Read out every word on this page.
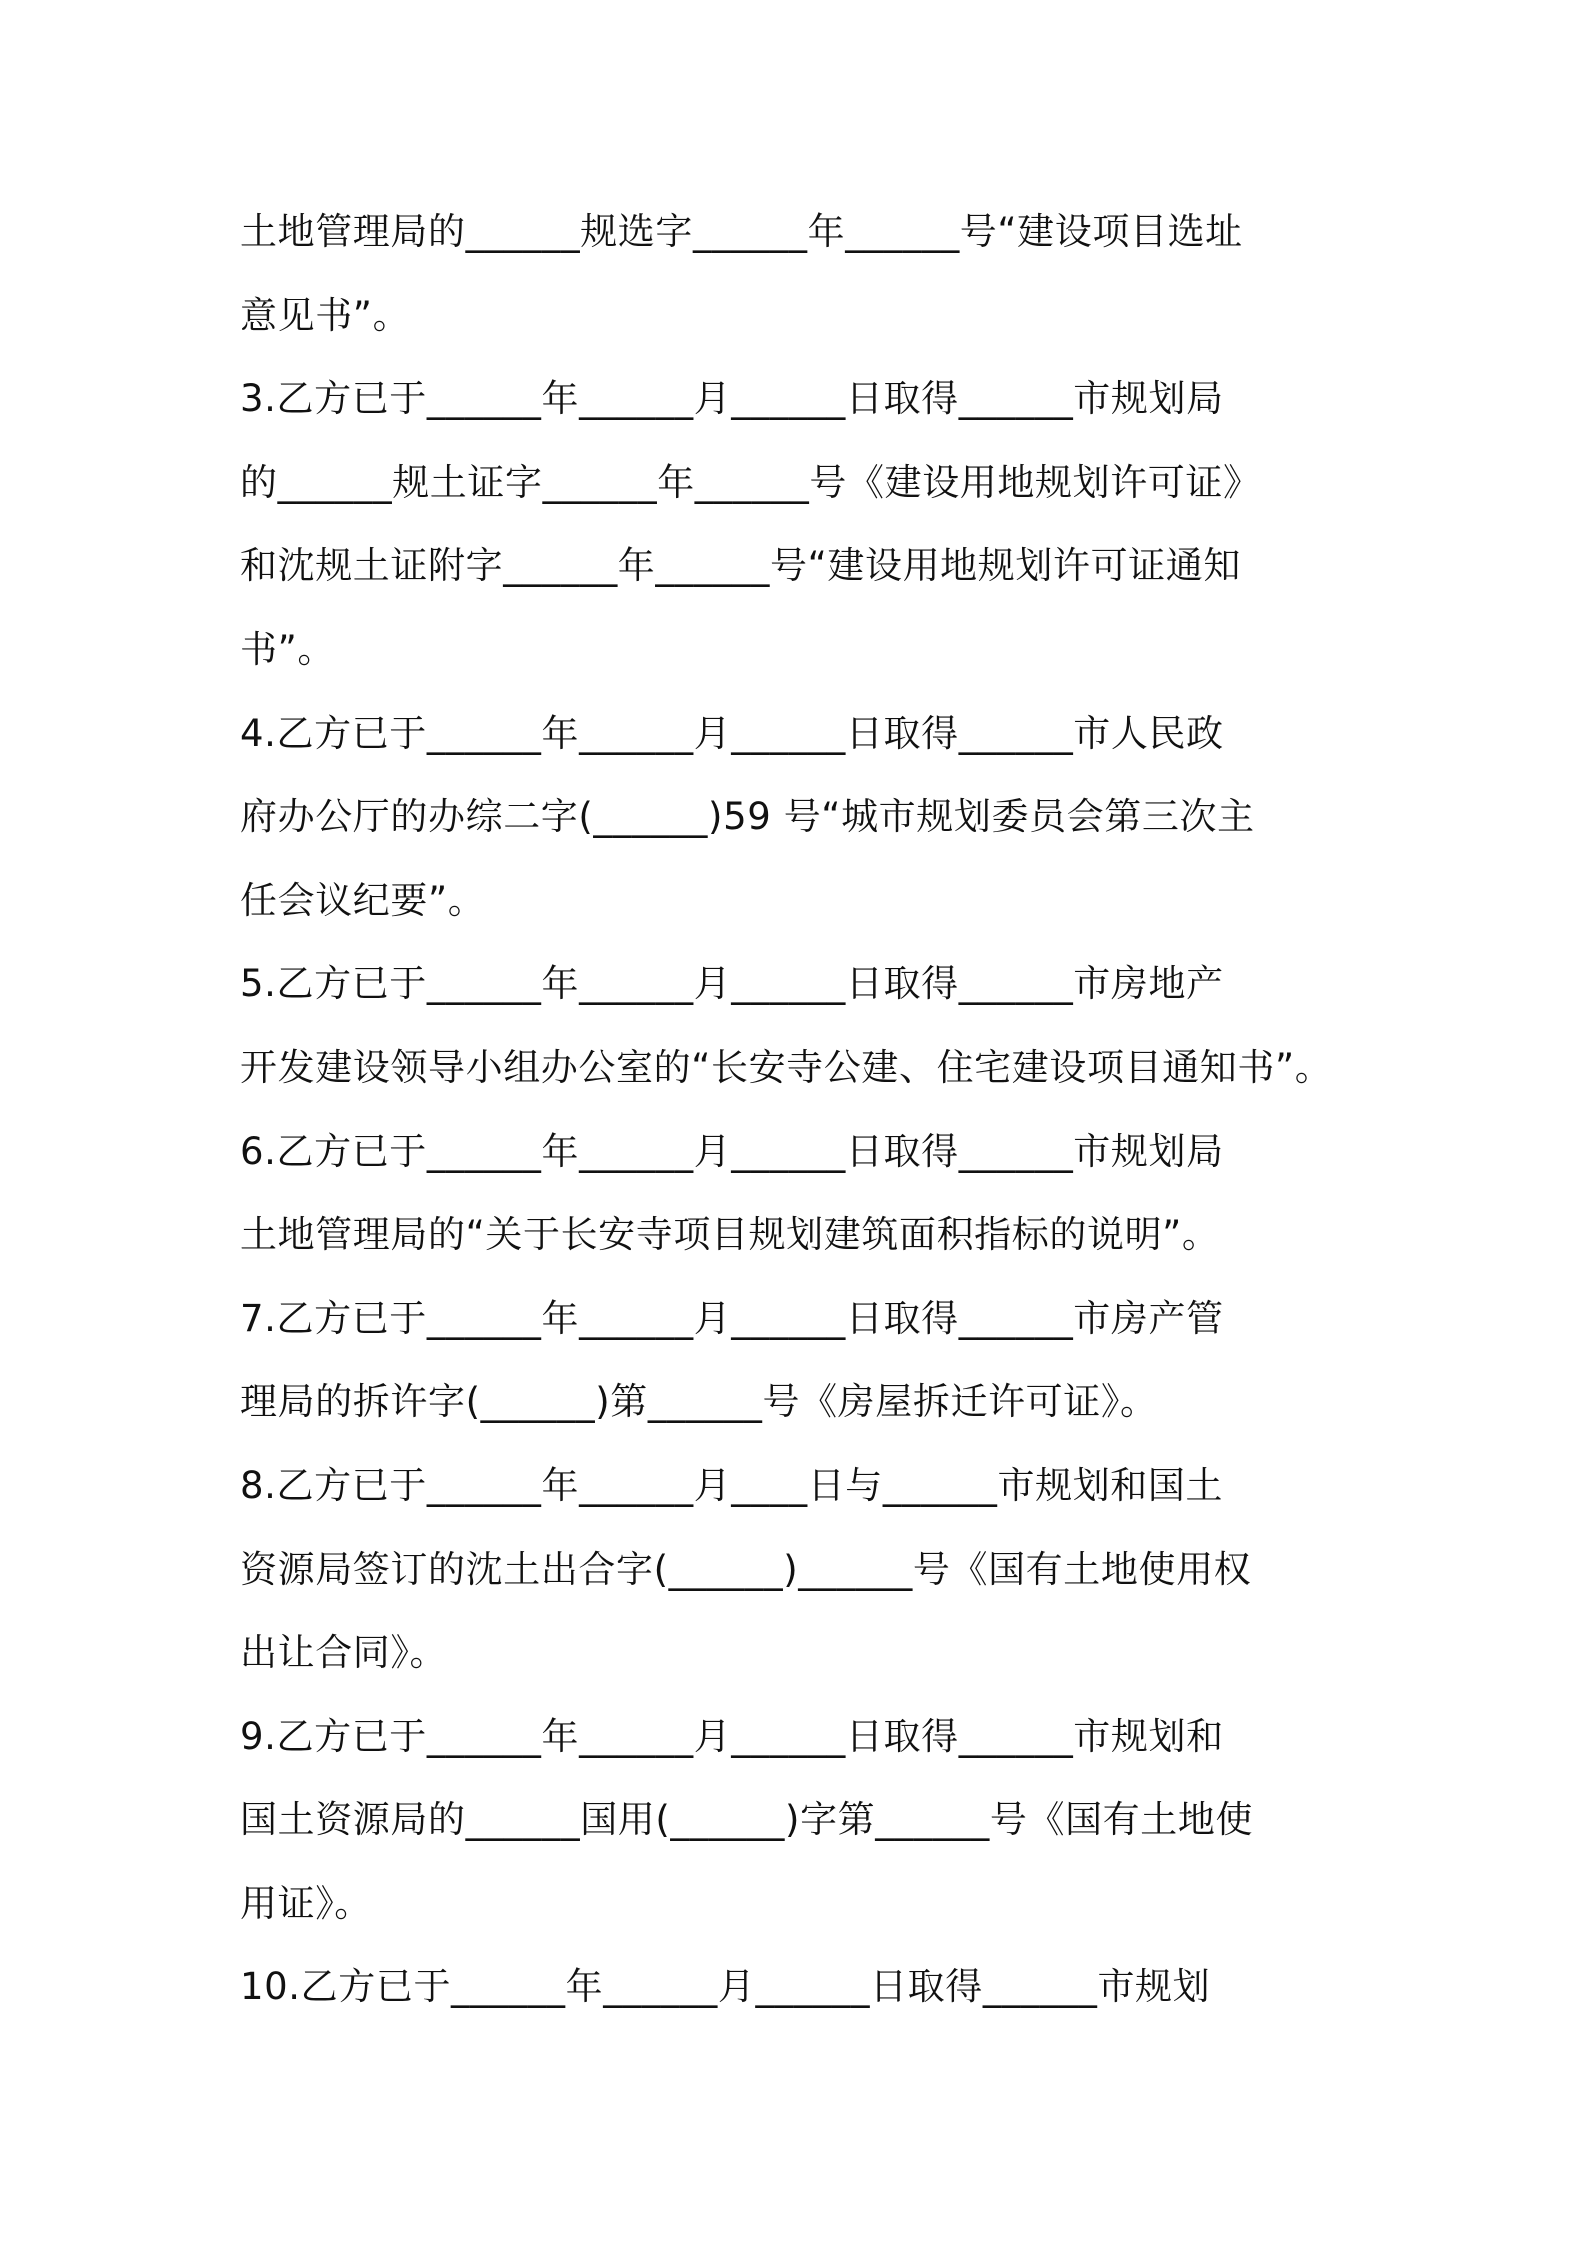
土地管理局的______规选字______年______号“建设项目选址
意见书”。
3.乙方已于______年______月______日取得______市规划局
的______规土证字______年______号《建设用地规划许可证》
和沈规土证附字______年______号“建设用地规划许可证通知
书”。
4.乙方已于______年______月______日取得______市人民政
府办公厅的办综二字(______)59 号“城市规划委员会第三次主
任会议纪要”。
5.乙方已于______年______月______日取得______市房地产
开发建设领导小组办公室的“长安寺公建、住宅建设项目通知书”。
6.乙方已于______年______月______日取得______市规划局
土地管理局的“关于长安寺项目规划建筑面积指标的说明”。
7.乙方已于______年______月______日取得______市房产管
理局的拆许字(______)第______号《房屋拆迁许可证》。
8.乙方已于______年______月____日与______市规划和国土
资源局签订的沈土出合字(______)______号《国有土地使用权
出让合同》。
9.乙方已于______年______月______日取得______市规划和
国土资源局的______国用(______)字第______号《国有土地使
用证》。
10.乙方已于______年______月______日取得______市规划
